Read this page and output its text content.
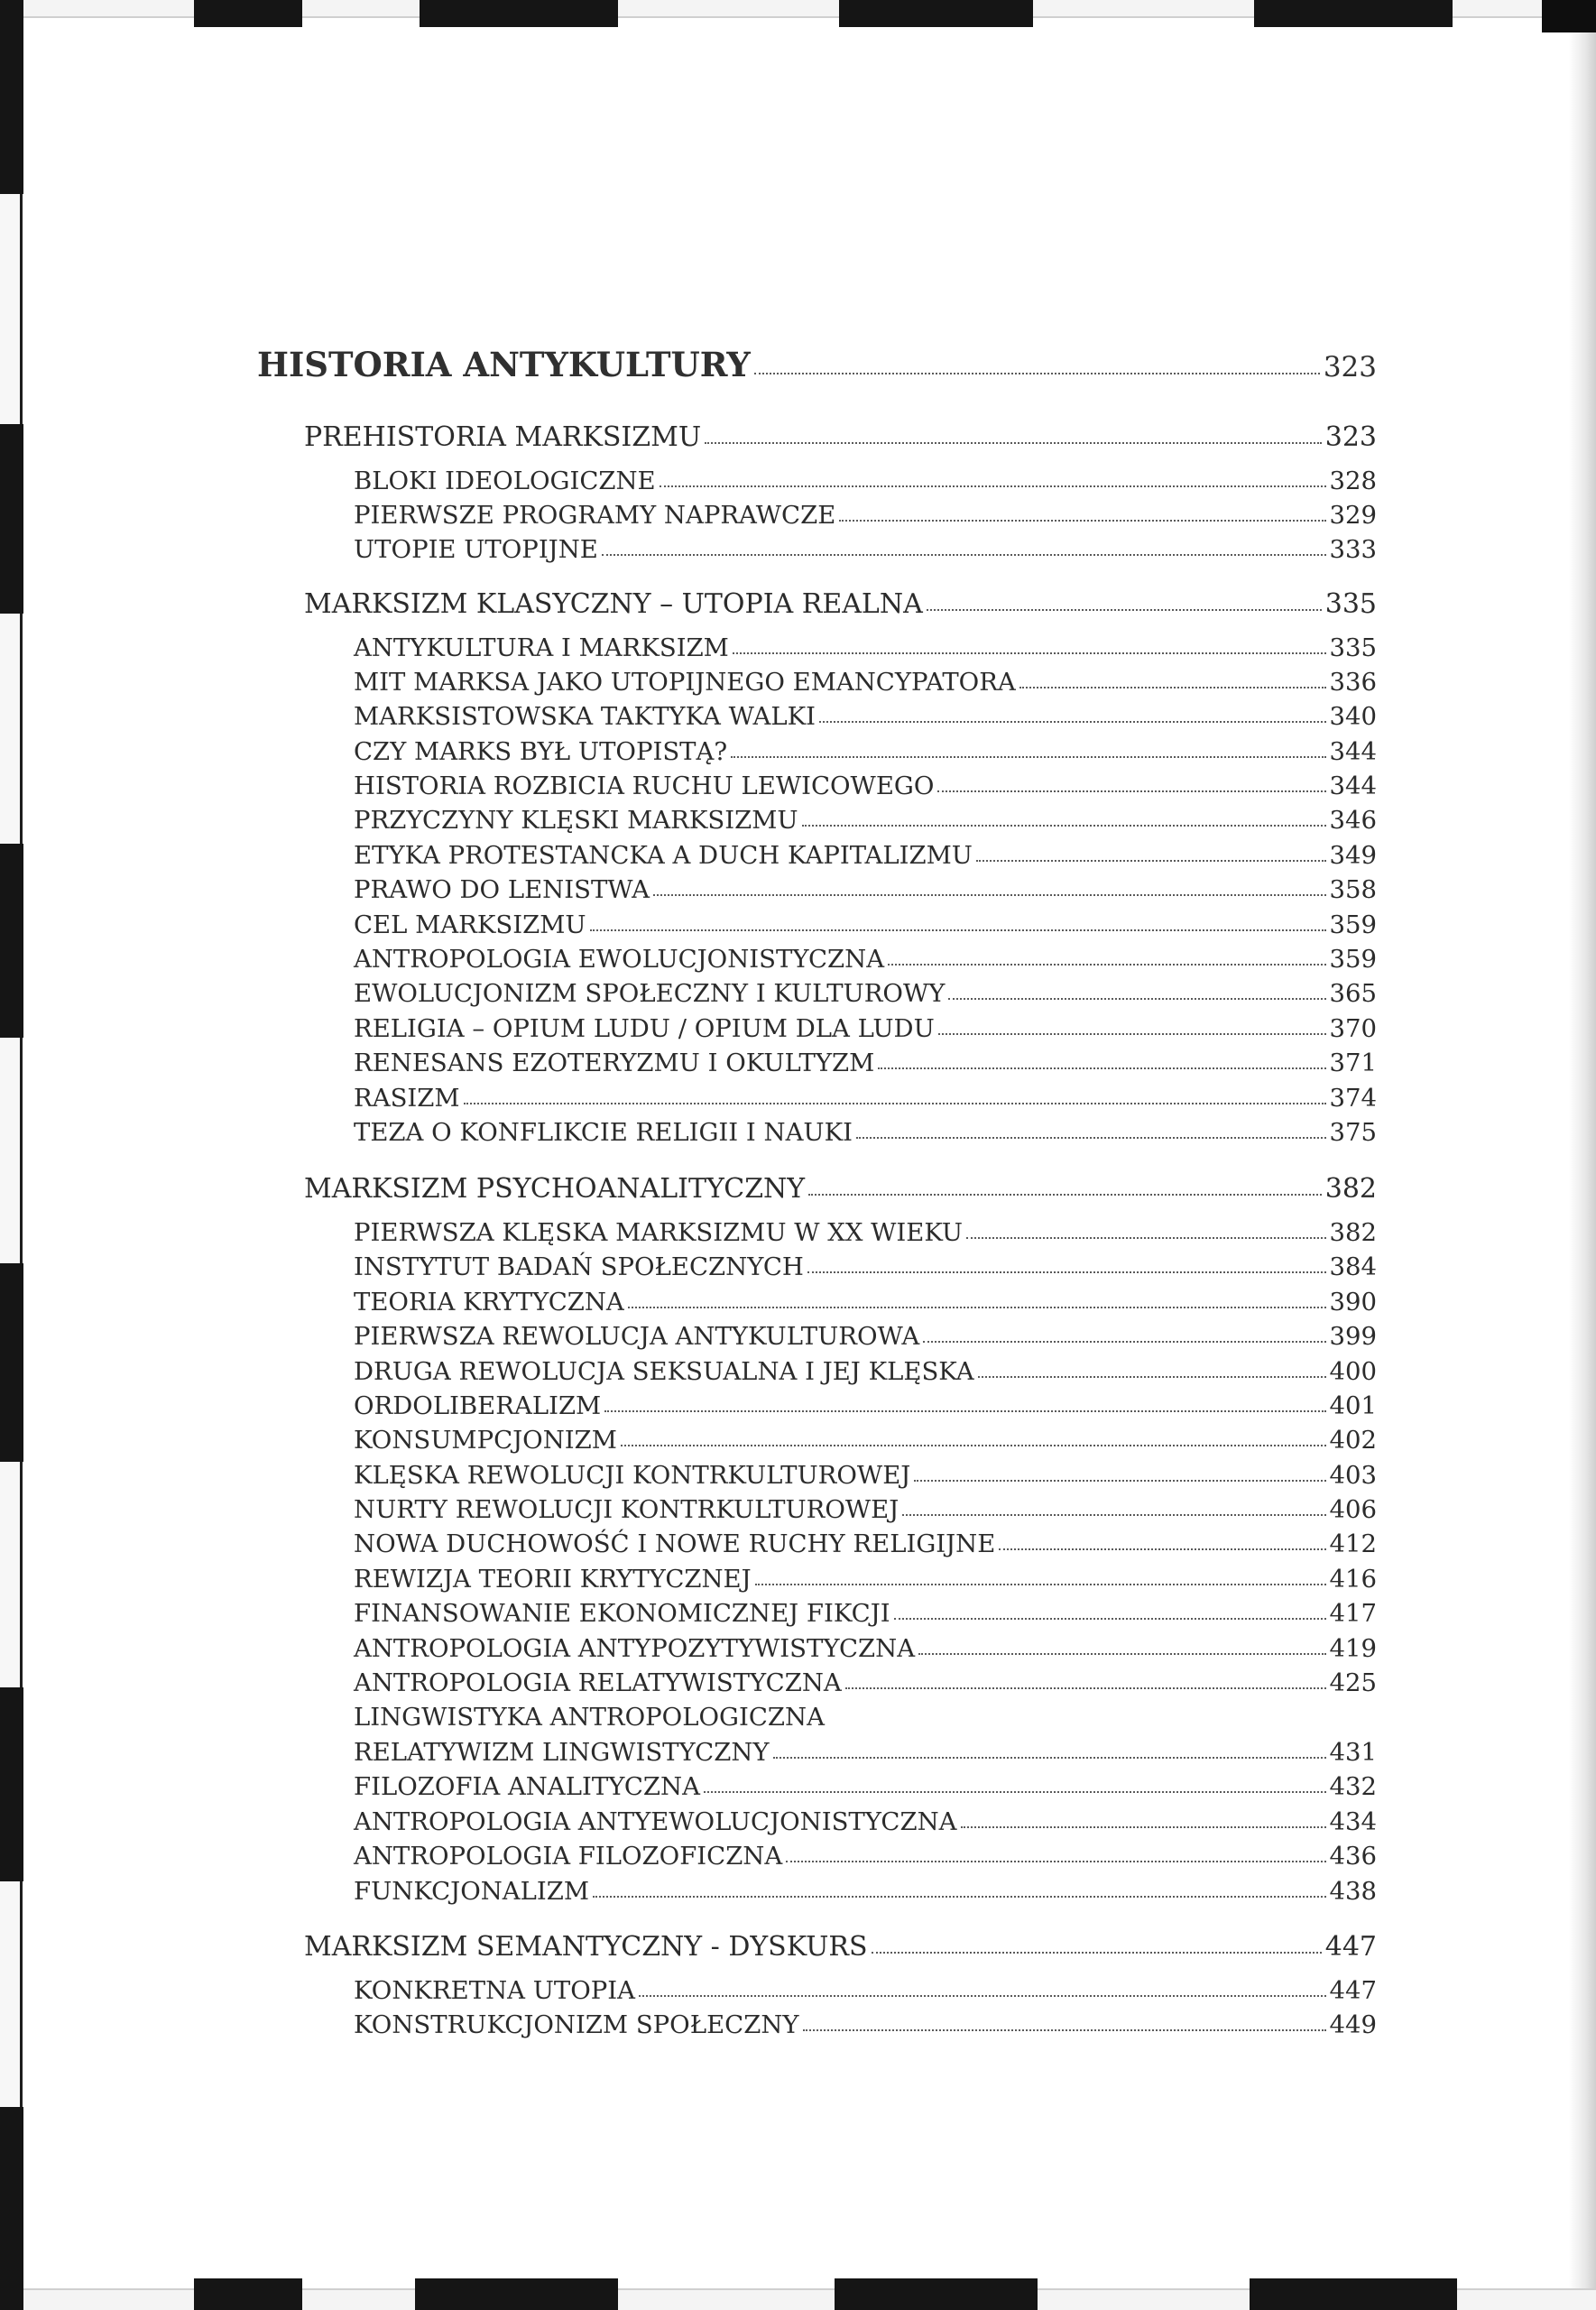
HISTORIA ANTYKULTURY	323
PREHISTORIA MARKSIZMU	323
BLOKI IDEOLOGICZNE	328
PIERWSZE PROGRAMY NAPRAWCZE	329
UTOPIE UTOPIJNE	333
MARKSIZM KLASYCZNY – UTOPIA REALNA	335
ANTYKULTURA I MARKSIZM	335
MIT MARKSA JAKO UTOPIJNEGO EMANCYPATORA	336
MARKSISTOWSKA TAKTYKA WALKI	340
CZY MARKS BYŁ UTOPISTĄ?	344
HISTORIA ROZBICIA RUCHU LEWICOWEGO	344
PRZYCZYNY KLĘSKI MARKSIZMU	346
ETYKA PROTESTANCKA A DUCH KAPITALIZMU	349
PRAWO DO LENISTWA	358
CEL MARKSIZMU	359
ANTROPOLOGIA EWOLUCJONISTYCZNA	359
EWOLUCJONIZM SPOŁECZNY I KULTUROWY	365
RELIGIA – OPIUM LUDU / OPIUM DLA LUDU	370
RENESANS EZOTERYZMU I OKULTYZM	371
RASIZM	374
TEZA O KONFLIKCIE RELIGII I NAUKI	375
MARKSIZM PSYCHOANALITYCZNY	382
PIERWSZA KLĘSKA MARKSIZMU W XX WIEKU	382
INSTYTUT BADAŃ SPOŁECZNYCH	384
TEORIA KRYTYCZNA	390
PIERWSZA REWOLUCJA ANTYKULTUROWA	399
DRUGA REWOLUCJA SEKSUALNA I JEJ KLĘSKA	400
ORDOLIBERALIZM	401
KONSUMPCJONIZM	402
KLĘSKA REWOLUCJI KONTRKULTUROWEJ	403
NURTY REWOLUCJI KONTRKULTUROWEJ	406
NOWA DUCHOWOŚĆ I NOWE RUCHY RELIGIJNE	412
REWIZJA TEORII KRYTYCZNEJ	416
FINANSOWANIE EKONOMICZNEJ FIKCJI	417
ANTROPOLOGIA ANTYPOZYTYWISTYCZNA	419
ANTROPOLOGIA RELATYWISTYCZNA	425
LINGWISTYKA ANTROPOLOGICZNA
RELATYWIZM LINGWISTYCZNY	431
FILOZOFIA ANALITYCZNA	432
ANTROPOLOGIA ANTYEWOLUCJONISTYCZNA	434
ANTROPOLOGIA FILOZOFICZNA	436
FUNKCJONALIZM	438
MARKSIZM SEMANTYCZNY - DYSKURS	447
KONKRETNA UTOPIA	447
KONSTRUKCJONIZM SPOŁECZNY	449
